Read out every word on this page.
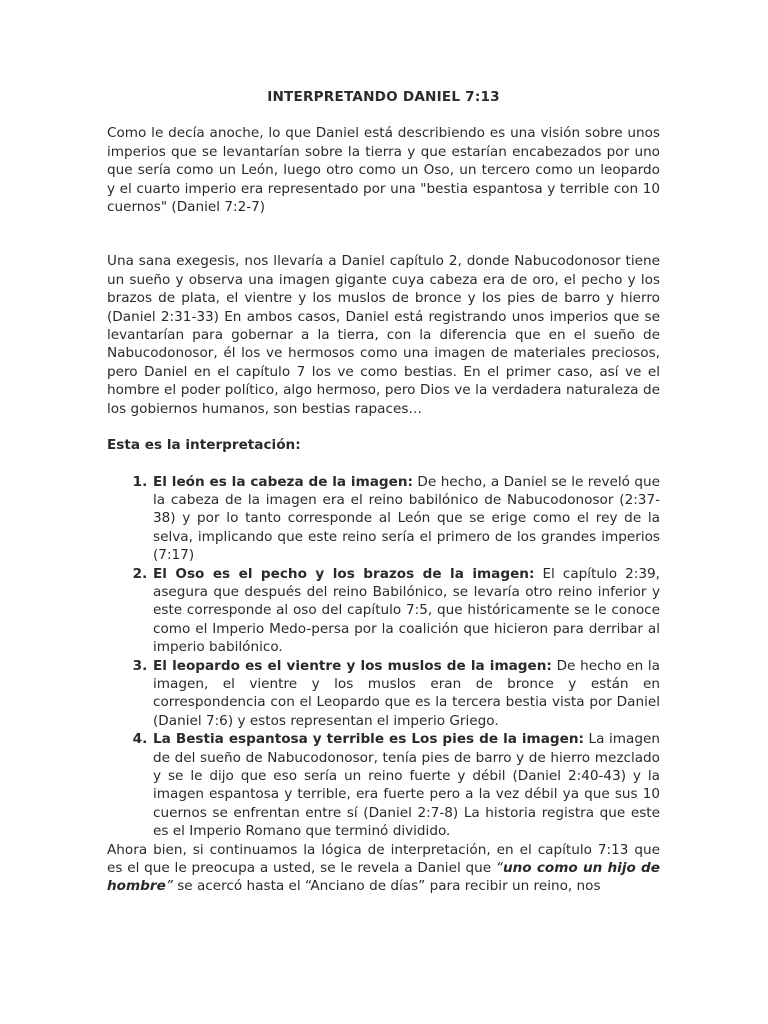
INTERPRETANDO DANIEL 7:13

Como le decía anoche, lo que Daniel está describiendo es una visión sobre unos imperios que se levantarían sobre la tierra y que estarían encabezados por uno que sería como un León, luego otro como un Oso, un tercero como un leopardo y el cuarto imperio era representado por una "bestia espantosa y terrible con 10 cuernos" (Daniel 7:2-7)

Una sana exegesis, nos llevaría a Daniel capítulo 2, donde Nabucodonosor tiene un sueño y observa una imagen gigante cuya cabeza era de oro, el pecho y los brazos de plata, el vientre y los muslos de bronce y los pies de barro y hierro (Daniel 2:31-33) En ambos casos, Daniel está registrando unos imperios que se levantarían para gobernar a la tierra, con la diferencia que en el sueño de Nabucodonosor, él los ve hermosos como una imagen de materiales preciosos, pero Daniel en el capítulo 7 los ve como bestias. En el primer caso, así ve el hombre el poder político, algo hermoso, pero Dios ve la verdadera naturaleza de los gobiernos humanos, son bestias rapaces…

Esta es la interpretación:
1. El león es la cabeza de la imagen: De hecho, a Daniel se le reveló que la cabeza de la imagen era el reino babilónico de Nabucodonosor (2:37-38) y por lo tanto corresponde al León que se erige como el rey de la selva, implicando que este reino sería el primero de los grandes imperios (7:17)
2. El Oso es el pecho y los brazos de la imagen: El capítulo 2:39, asegura que después del reino Babilónico, se levaría otro reino inferior y este corresponde al oso del capítulo 7:5, que históricamente se le conoce como el Imperio Medo-persa por la coalición que hicieron para derribar al imperio babilónico.
3. El leopardo es el vientre y los muslos de la imagen: De hecho en la imagen, el vientre y los muslos eran de bronce y están en correspondencia con el Leopardo que es la tercera bestia vista por Daniel (Daniel 7:6) y estos representan el imperio Griego.
4. La Bestia espantosa y terrible es Los pies de la imagen: La imagen de del sueño de Nabucodonosor, tenía pies de barro y de hierro mezclado y se le dijo que eso sería un reino fuerte y débil (Daniel 2:40-43) y la imagen espantosa y terrible, era fuerte pero a la vez débil ya que sus 10 cuernos se enfrentan entre sí (Daniel 2:7-8) La historia registra que este es el Imperio Romano que terminó dividido.

Ahora bien, si continuamos la lógica de interpretación, en el capítulo 7:13 que es el que le preocupa a usted, se le revela a Daniel que “uno como un hijo de hombre” se acercó hasta el “Anciano de días” para recibir un reino, nos
